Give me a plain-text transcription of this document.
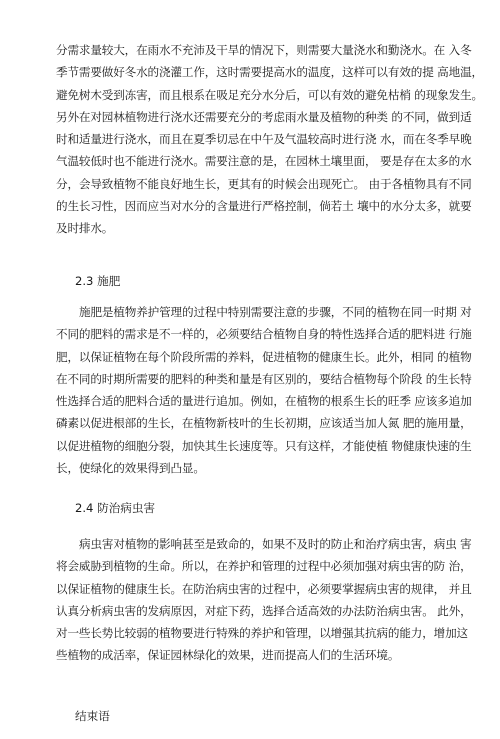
分需求量较大，在雨水不充沛及干旱的情况下，则需要大量浇水和勤浇水。在 入冬
季节需要做好冬水的浇灌工作，这时需要提高水的温度，这样可以有效的提 高地温，
避免树木受到冻害，而且根系在吸足充分水分后，可以有效的避免枯梢 的现象发生。
另外在对园林植物进行浇水还需要充分的考虑雨水量及植物的种类 的不同，做到适
时和适量进行浇水，而且在夏季切忌在中午及气温较高时进行浇 水，而在冬季早晚
气温较低时也不能进行浇水。需要注意的是，在园林土壤里面， 要是存在太多的水
分，会导致植物不能良好地生长，更其有的时候会出现死亡。 由于各植物具有不同
的生长习性，因而应当对水分的含量进行严格控制，倘若土 壤中的水分太多，就要
及时排水。
2.3 施肥
施肥是植物养护管理的过程中特别需要注意的步骤，不同的植物在同一时期 对
不同的肥料的需求是不一样的，必须要结合植物自身的特性选择合适的肥料进 行施
肥，以保证植物在每个阶段所需的养料，促进植物的健康生长。此外，相同 的植物
在不同的时期所需要的肥料的种类和量是有区别的，要结合植物每个阶段 的生长特
性选择合适的肥料合适的量进行追加。例如，在植物的根系生长的旺季 应该多追加
磷素以促进根部的生长，在植物新枝叶的生长初期，应该适当加人氮 肥的施用量，
以促进植物的细胞分裂，加快其生长速度等。只有这样，才能使植 物健康快速的生
长，使绿化的效果得到凸显。
2.4 防治病虫害
病虫害对植物的影响甚至是致命的，如果不及时的防止和治疗病虫害，病虫 害
将会威胁到植物的生命。所以，在养护和管理的过程中必须加强对病虫害的防 治，
以保证植物的健康生长。在防治病虫害的过程中，必须要掌握病虫害的规律， 并且
认真分析病虫害的发病原因，对症下药，选择合适高效的办法防治病虫害。 此外，
对一些长势比较弱的植物要进行特殊的养护和管理，以增强其抗病的能力，增加这
些植物的成活率，保证园林绿化的效果，进而提高人们的生活环境。
结束语
